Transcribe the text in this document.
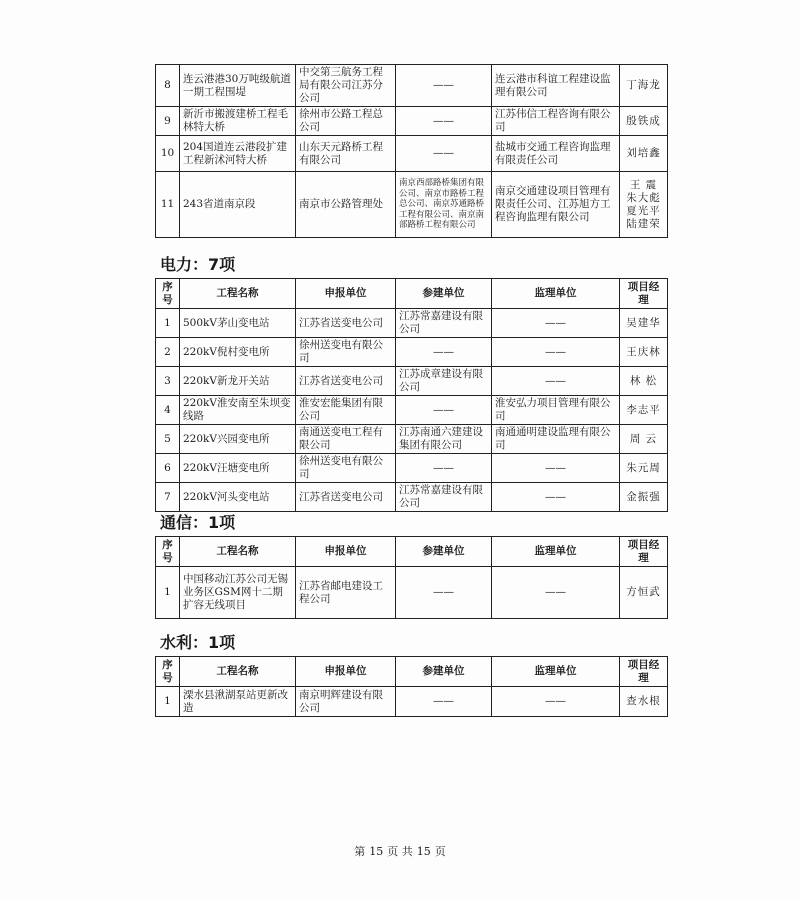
8	连云港港30万吨级航道一期工程围堤	中交第三航务工程局有限公司江苏分公司	——	连云港市科谊工程建设监理有限公司	丁海龙

9	新沂市搬渡建桥工程毛林特大桥	徐州市公路工程总公司	——	江苏伟信工程咨询有限公司	殷铁成

10	204国道连云港段扩建工程新沭河特大桥	山东天元路桥工程有限公司	——	盐城市交通工程咨询监理有限责任公司	刘培鑫

11	243省道南京段	南京市公路管理处	南京西部路桥集团有限公司、南京市路桥工程总公司、南京苏通路桥工程有限公司、南京南部路桥工程有限公司	南京交通建设项目管理有限责任公司、江苏旭方工程咨询监理有限公司	王 震
朱大彪
夏光平
陆建荣
电力：7项
序号	工程名称	申报单位	参建单位	监理单位	项目经理
1	500kV茅山变电站	江苏省送变电公司	江苏常嘉建设有限公司	——	吴建华
2	220kV倪村变电所	徐州送变电有限公司	——	——	王庆林
3	220kV新龙开关站	江苏省送变电公司	江苏成章建设有限公司	——	林 松
4	220kV淮安南至朱坝变线路	淮安宏能集团有限公司	——	淮安弘力项目管理有限公司	李志平
5	220kV兴园变电所	南通送变电工程有限公司	江苏南通六建建设集团有限公司	南通通明建设监理有限公司	周 云
6	220kV汪塘变电所	徐州送变电有限公司	——	——	朱元周
7	220kV河头变电站	江苏省送变电公司	江苏常嘉建设有限公司	——	金振强
通信：1项
序号	工程名称	申报单位	参建单位	监理单位	项目经理
1	中国移动江苏公司无锡业务区GSM网十二期扩容无线项目	江苏省邮电建设工程公司	——	——	方恒武
水利：1项
序号	工程名称	申报单位	参建单位	监理单位	项目经理
1	溧水县湫湖泵站更新改造	南京明辉建设有限公司	——	——	查水根
第 15 页 共 15 页
